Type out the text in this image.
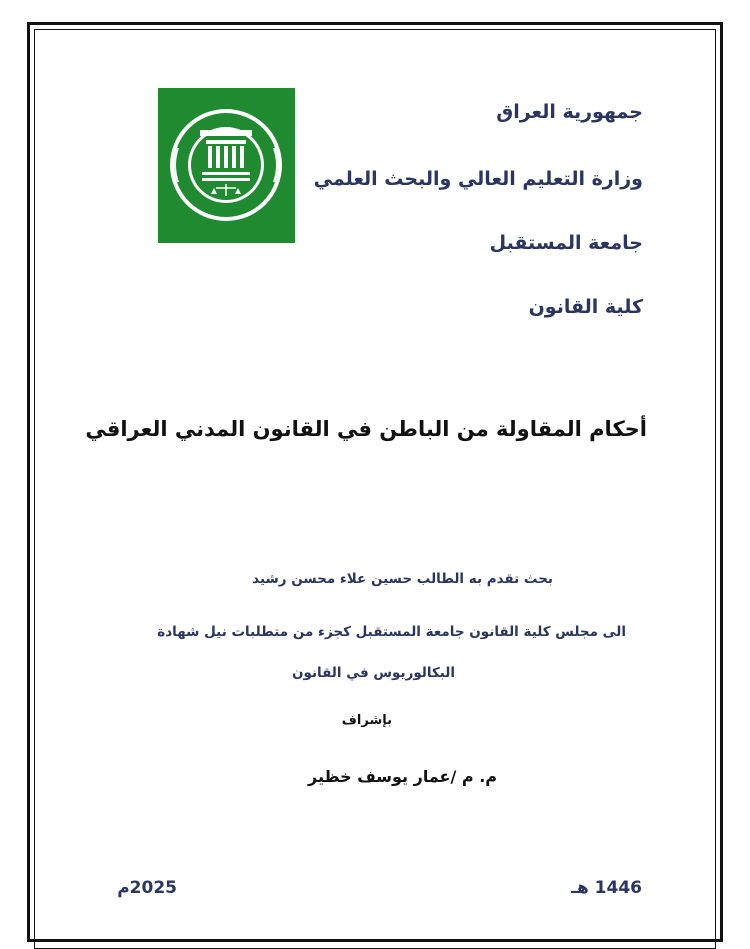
جمهورية العراق
وزارة التعليم العالي والبحث العلمي
جامعة المستقبل
كلية القانون
أحكام المقاولة من الباطن في القانون المدني العراقي
بحث تقدم به الطالب حسين علاء محسن رشيد
الى مجلس كلية القانون جامعة المستقبل كجزء من متطلبات نيل شهادة
البكالوريوس في القانون
بإشراف
م. م /عمار يوسف خظير
1446 هـ
2025م
